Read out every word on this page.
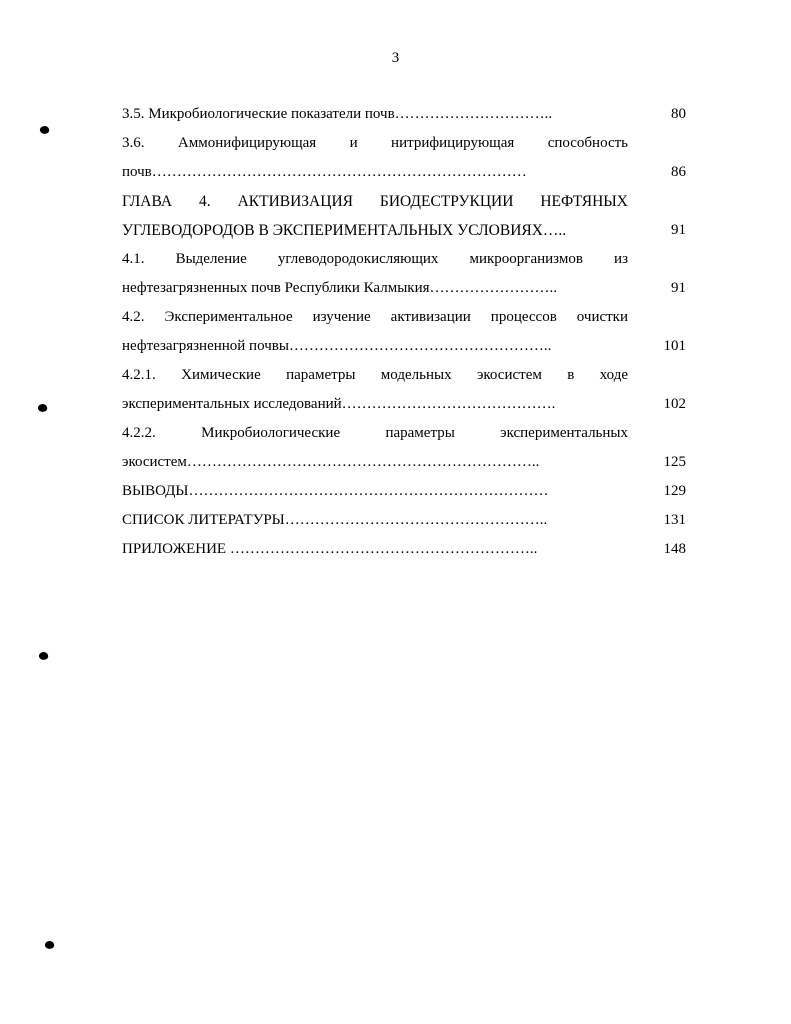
3
3.5. Микробиологические показатели почв…………………………..	80
3.6. Аммонифицирующая и нитрифицирующая способность
почв…………………………………………………………………	86
ГЛАВА 4. АКТИВИЗАЦИЯ БИОДЕСТРУКЦИИ НЕФТЯНЫХ
УГЛЕВОДОРОДОВ В ЭКСПЕРИМЕНТАЛЬНЫХ УСЛОВИЯХ…..	91
4.1. Выделение углеводородокисляющих микроорганизмов из
нефтезагрязненных почв Республики Калмыкия……………………..	91
4.2. Экспериментальное изучение активизации процессов очистки
нефтезагрязненной почвы……………………………………………..	101
4.2.1. Химические параметры модельных экосистем в ходе
экспериментальных исследований…………………………………….	102
4.2.2. Микробиологические параметры экспериментальных
экосистем……………………………………………………………..	125
ВЫВОДЫ………………………………………………………………	129
СПИСОК ЛИТЕРАТУРЫ……………………………………………..	131
ПРИЛОЖЕНИЕ ……………………………………………………..	148
